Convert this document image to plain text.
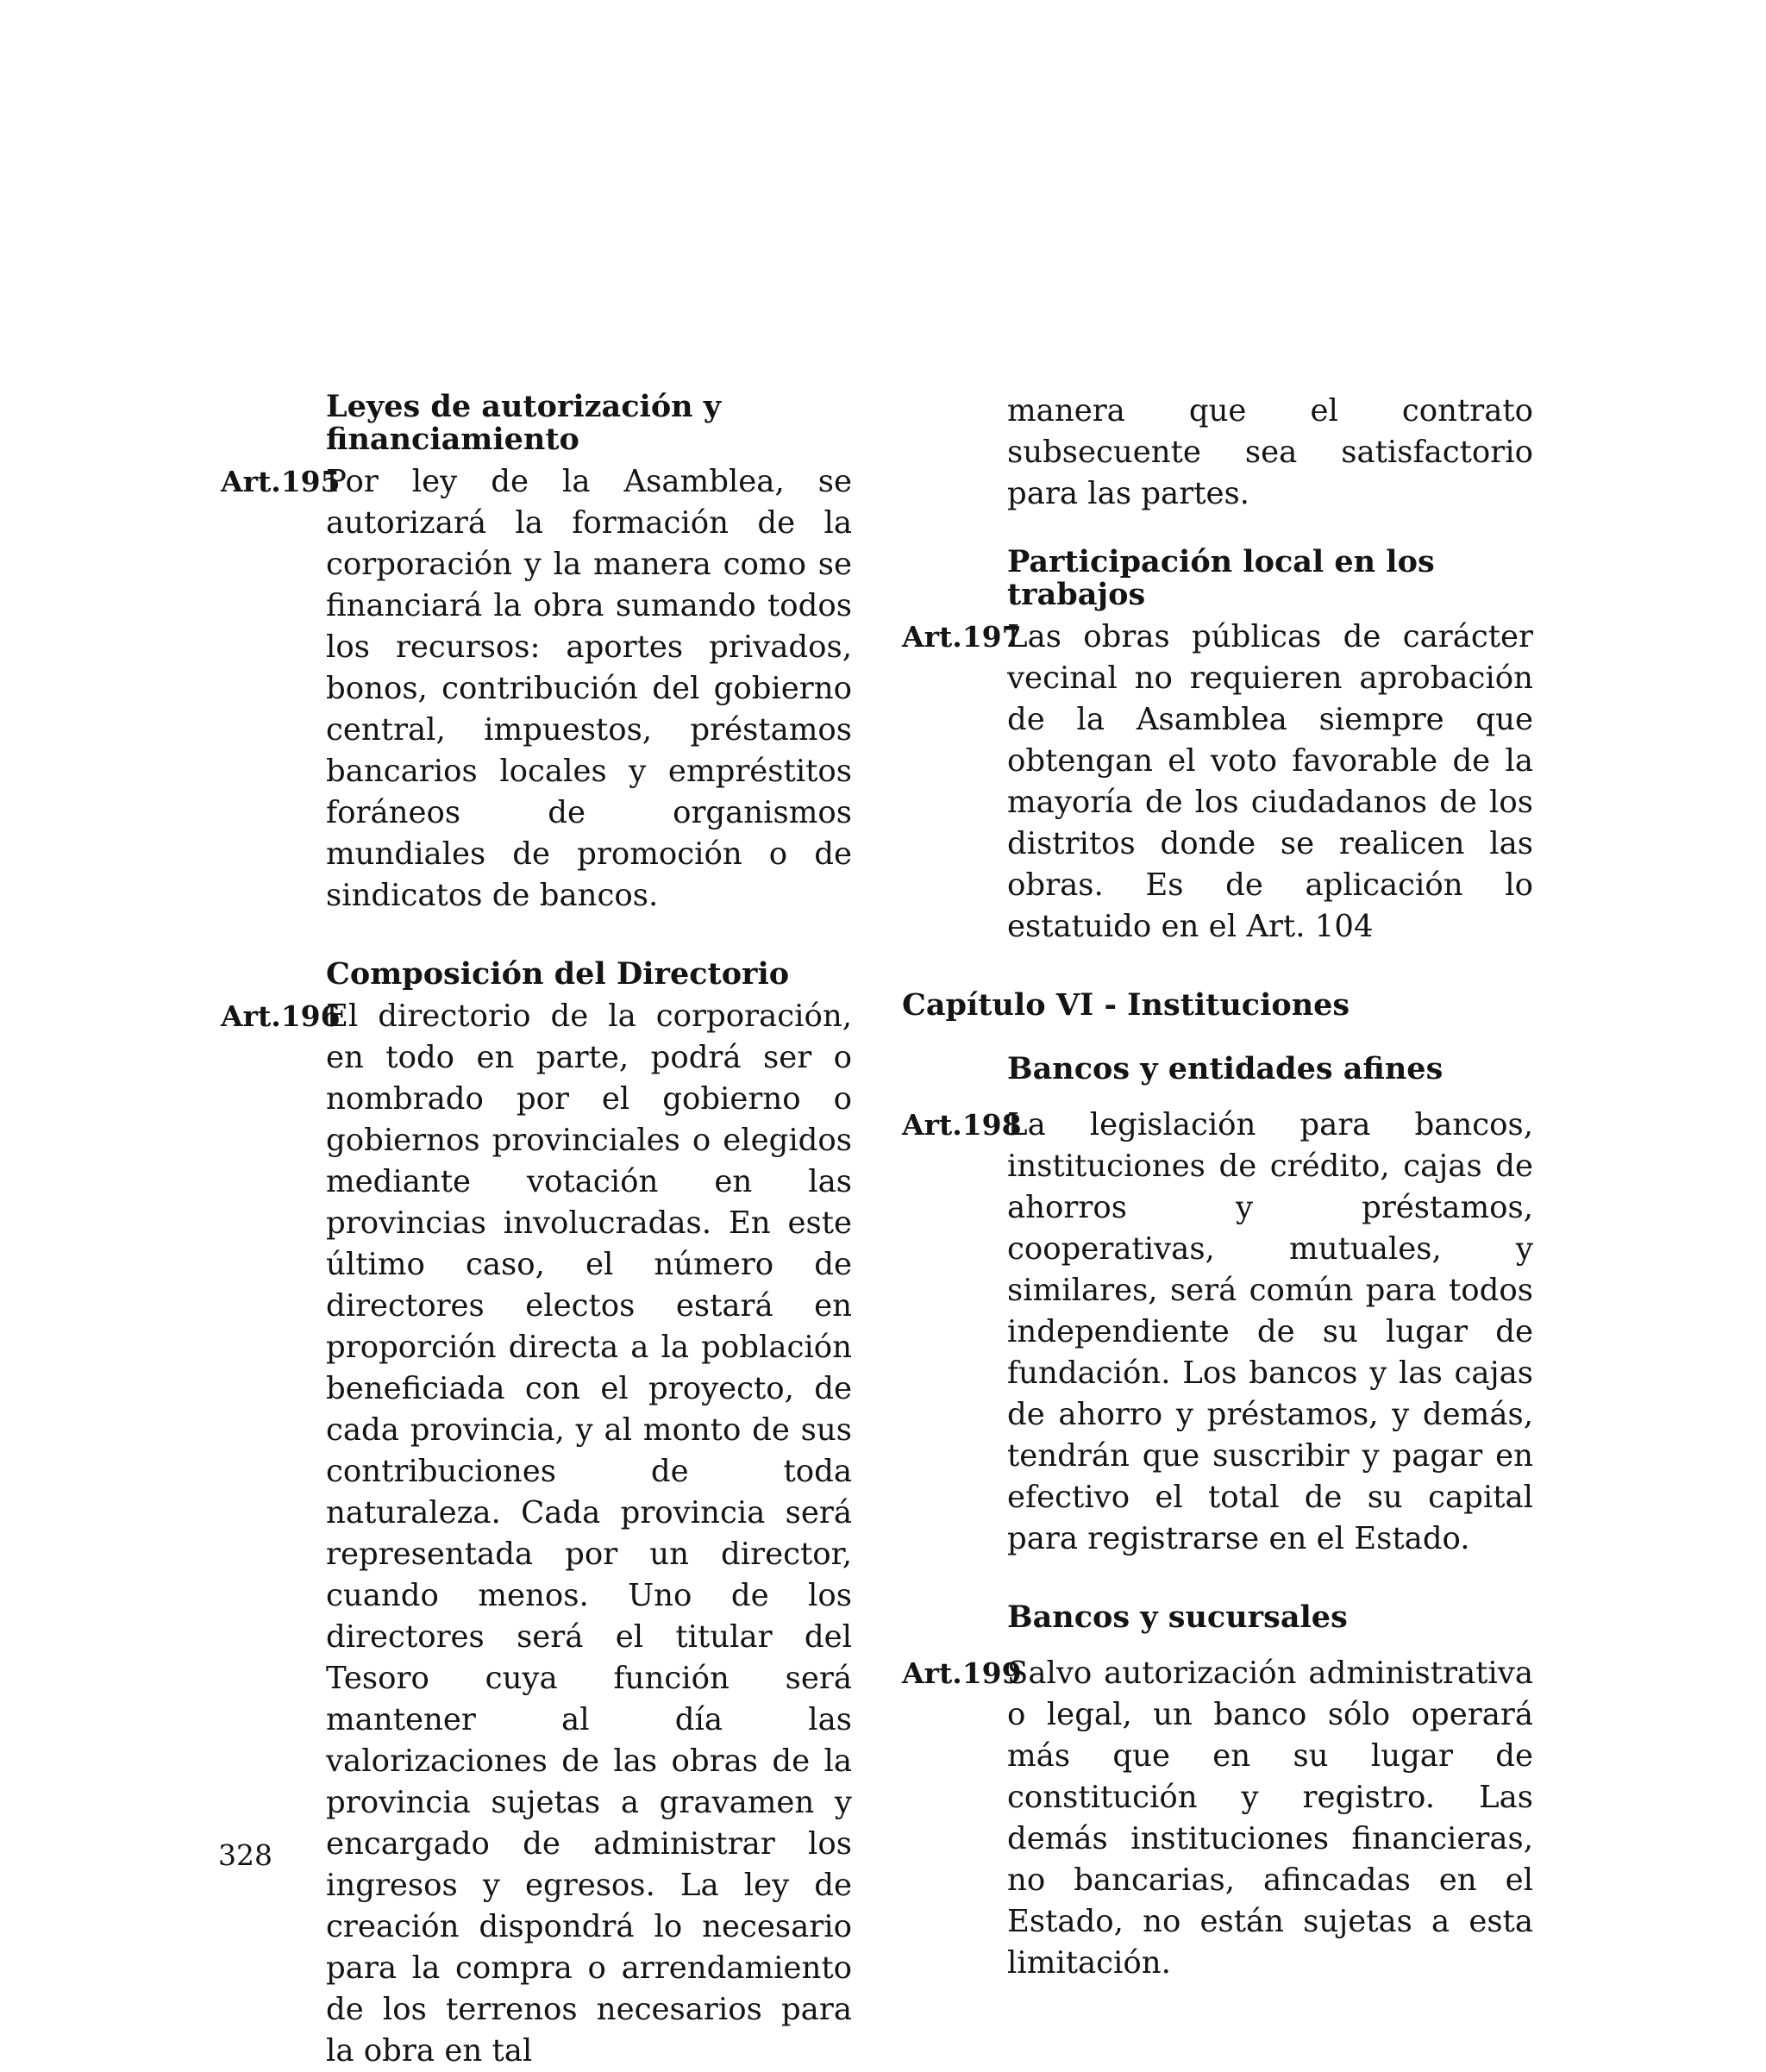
Leyes de autorización y financiamiento
Art.195

Por ley de la Asamblea, se autorizará la formación de la corporación y la manera como se financiará la obra sumando todos los recursos: aportes privados, bonos, contribución del gobierno central, impuestos, préstamos bancarios locales y empréstitos foráneos de organismos mundiales de promoción o de sindicatos de bancos.

Composición del Directorio
Art.196

El directorio de la corporación, en todo en parte, podrá ser o nombrado por el gobierno o gobiernos provinciales o elegidos mediante votación en las provincias involucradas. En este último caso, el número de directores electos estará en proporción directa a la población beneficiada con el proyecto, de cada provincia, y al monto de sus contribuciones de toda naturaleza. Cada provincia será representada por un director, cuando menos. Uno de los directores será el titular del Tesoro cuya función será mantener al día las valorizaciones de las obras de la provincia sujetas a gravamen y encargado de administrar los ingresos y egresos. La ley de creación dispondrá lo necesario para la compra o arrendamiento de los terrenos necesarios para la obra en tal

manera que el contrato subsecuente sea satisfactorio para las partes.

Participación local en los trabajos
Art.197

Las obras públicas de carácter vecinal no requieren aprobación de la Asamblea siempre que obtengan el voto favorable de la mayoría de los ciudadanos de los distritos donde se realicen las obras. Es de aplicación lo estatuido en el Art. 104

Capítulo VI - Instituciones
Bancos y entidades afines
Art.198

La legislación para bancos, instituciones de crédito, cajas de ahorros y préstamos, cooperativas, mutuales, y similares, será común para todos independiente de su lugar de fundación. Los bancos y las cajas de ahorro y préstamos, y demás, tendrán que suscribir y pagar en efectivo el total de su capital para registrarse en el Estado.

Bancos y sucursales
Art.199

Salvo autorización administrativa o legal, un banco sólo operará más que en su lugar de constitución y registro. Las demás instituciones financieras, no bancarias, afincadas en el Estado, no están sujetas a esta limitación.

328
